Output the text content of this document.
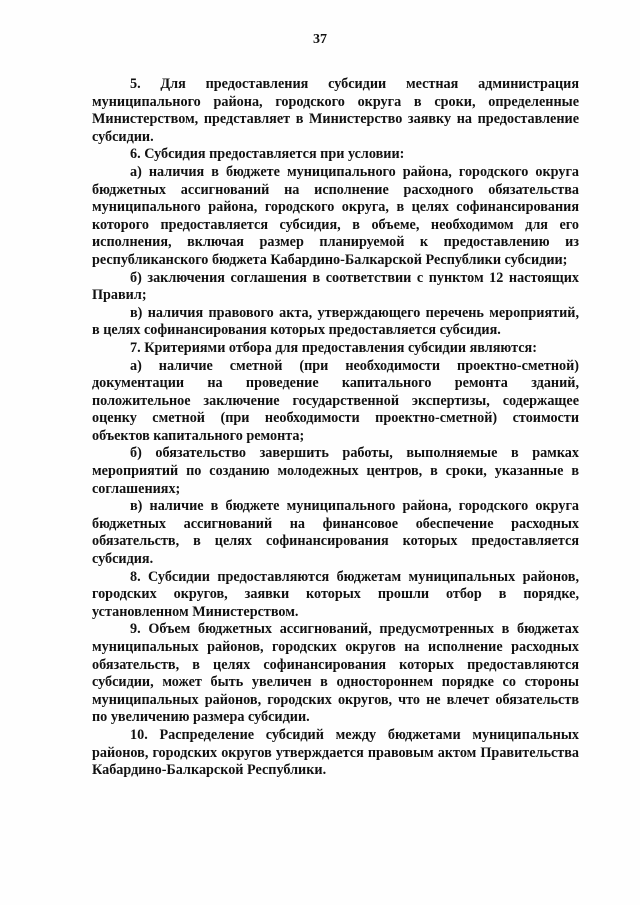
37

5. Для предоставления субсидии местная администрация муниципального района, городского округа в сроки, определенные Министерством, представляет в Министерство заявку на предоставление субсидии.

6. Субсидия предоставляется при условии:

а) наличия в бюджете муниципального района, городского округа бюджетных ассигнований на исполнение расходного обязательства муниципального района, городского округа, в целях софинансирования которого предоставляется субсидия, в объеме, необходимом для его исполнения, включая размер планируемой к предоставлению из республиканского бюджета Кабардино-Балкарской Республики субсидии;

б) заключения соглашения в соответствии с пунктом 12 настоящих Правил;

в) наличия правового акта, утверждающего перечень мероприятий, в целях софинансирования которых предоставляется субсидия.

7. Критериями отбора для предоставления субсидии являются:

а) наличие сметной (при необходимости проектно-сметной) документации на проведение капитального ремонта зданий, положительное заключение государственной экспертизы, содержащее оценку сметной (при необходимости проектно-сметной) стоимости объектов капитального ремонта;

б) обязательство завершить работы, выполняемые в рамках мероприятий по созданию молодежных центров, в сроки, указанные в соглашениях;

в) наличие в бюджете муниципального района, городского округа бюджетных ассигнований на финансовое обеспечение расходных обязательств, в целях софинансирования которых предоставляется субсидия.

8. Субсидии предоставляются бюджетам муниципальных районов, городских округов, заявки которых прошли отбор в порядке, установленном Министерством.

9. Объем бюджетных ассигнований, предусмотренных в бюджетах муниципальных районов, городских округов на исполнение расходных обязательств, в целях софинансирования которых предоставляются субсидии, может быть увеличен в одностороннем порядке со стороны муниципальных районов, городских округов, что не влечет обязательств по увеличению размера субсидии.

10. Распределение субсидий между бюджетами муниципальных районов, городских округов утверждается правовым актом Правительства Кабардино-Балкарской Республики.
